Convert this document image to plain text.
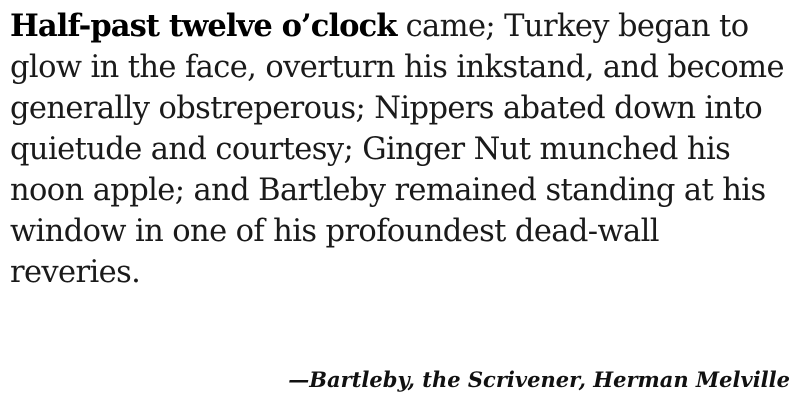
Half-past twelve o’clock came; Turkey began to glow in the face, overturn his inkstand, and become generally obstreperous; Nippers abated down into quietude and courtesy; Ginger Nut munched his noon apple; and Bartleby remained standing at his window in one of his profoundest dead-wall reveries.

—Bartleby, the Scrivener, Herman Melville
